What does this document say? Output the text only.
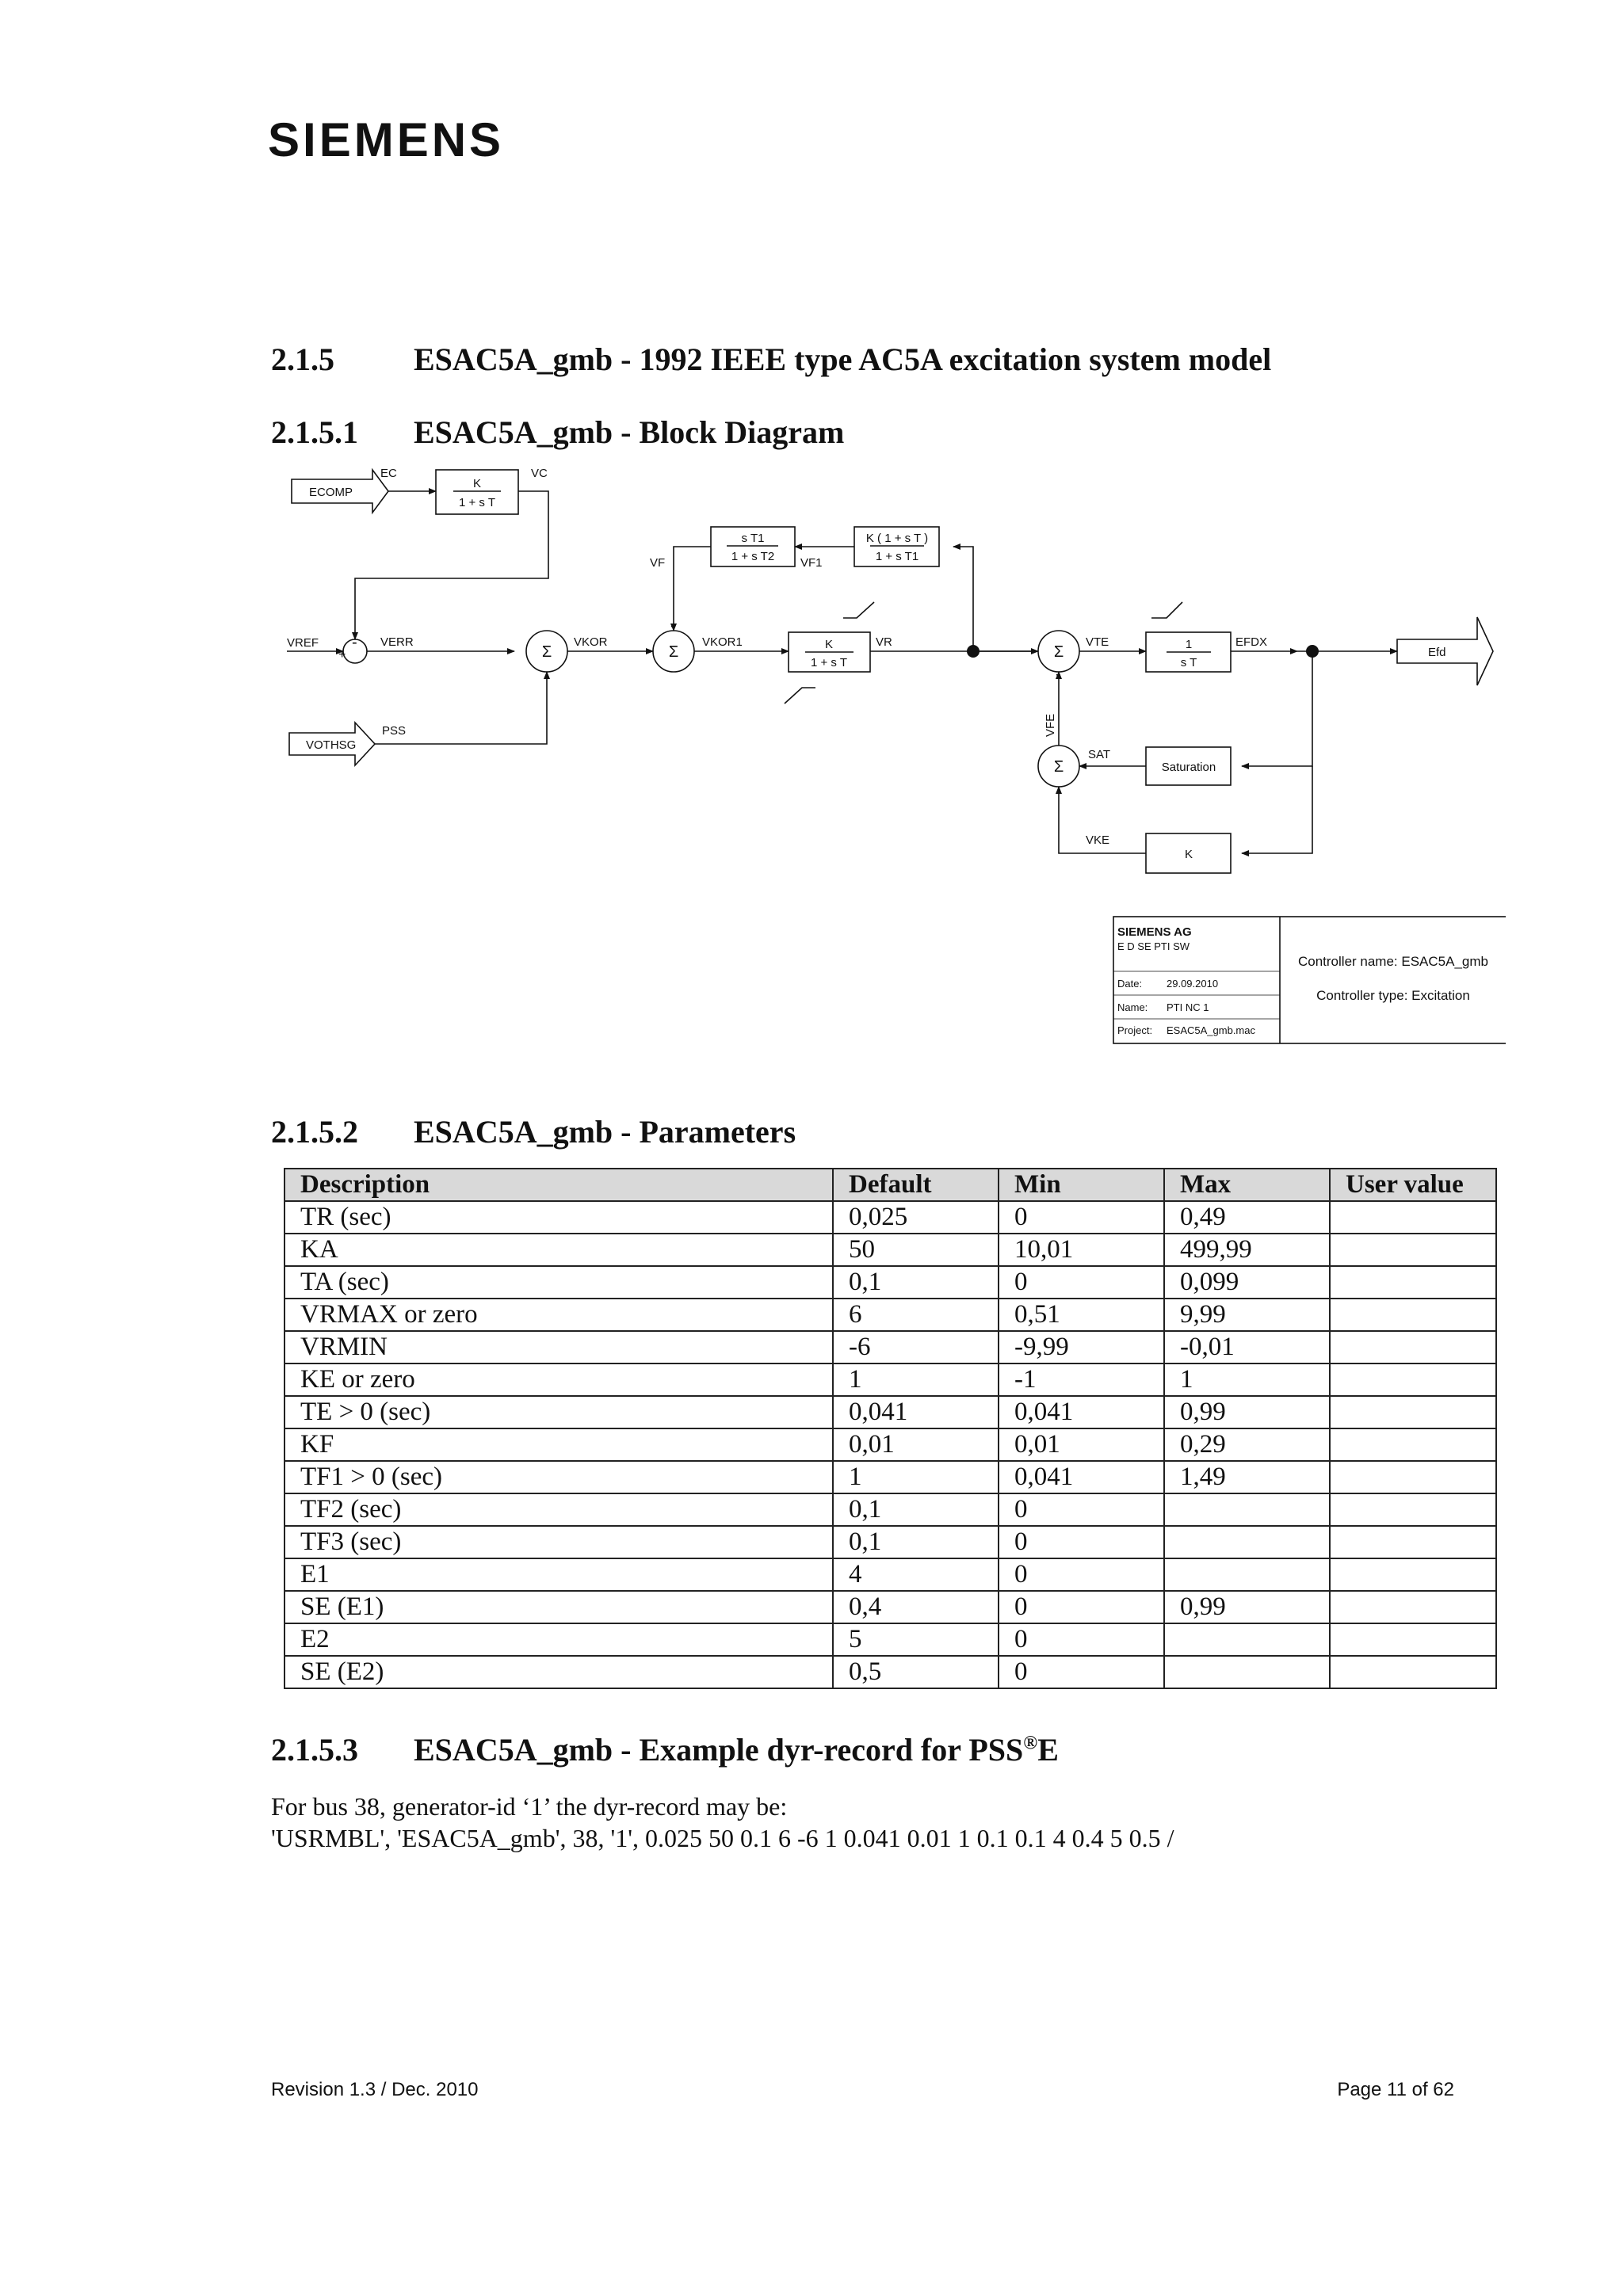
SIEMENS
2.1.5	ESAC5A_gmb - 1992 IEEE type AC5A excitation system model
2.1.5.1 ESAC5A_gmb - Block Diagram
ECOMP
VOTHSG
Efd
VREF
EC	VC
VF	VF1
VERR	VKOR	VKOR1	VR	VTE	EFDX
PSS
SAT
VKE
VFE
K
1 + s T
s T1
1 + s T2
K ( 1 + s T )
1 + s T1
K
1 + s T
1
s T
Saturation
K
Σ	Σ	Σ
Σ
-
+
-
-
SIEMENS AG
E D SE PTI SW
Date: 29.09.2010
Name: PTI NC 1
Project: ESAC5A_gmb.mac
Controller name: ESAC5A_gmb
Controller type: Excitation
2.1.5.2 ESAC5A_gmb - Parameters
Description	Default	Min	Max	User value
TR (sec)	0,025	0	0,49	
KA	50	10,01	499,99	
TA (sec)	0,1	0	0,099	
VRMAX or zero	6	0,51	9,99	
VRMIN	-6	-9,99	-0,01	
KE or zero	1	-1	1	
TE > 0 (sec)	0,041	0,041	0,99	
KF	0,01	0,01	0,29	
TF1 > 0 (sec)	1	0,041	1,49	
TF2 (sec)	0,1	0		
TF3 (sec)	0,1	0		
E1	4	0		
SE (E1)	0,4	0	0,99	
E2	5	0		
SE (E2)	0,5	0		
2.1.5.3 ESAC5A_gmb - Example dyr-record for PSS®E
For bus 38, generator-id ‘1’ the dyr-record may be:
'USRMBL', 'ESAC5A_gmb', 38, '1', 0.025 50 0.1 6 -6 1 0.041 0.01 1 0.1 0.1 4 0.4 5 0.5 /
Revision 1.3 / Dec. 2010	Page 11 of 62
